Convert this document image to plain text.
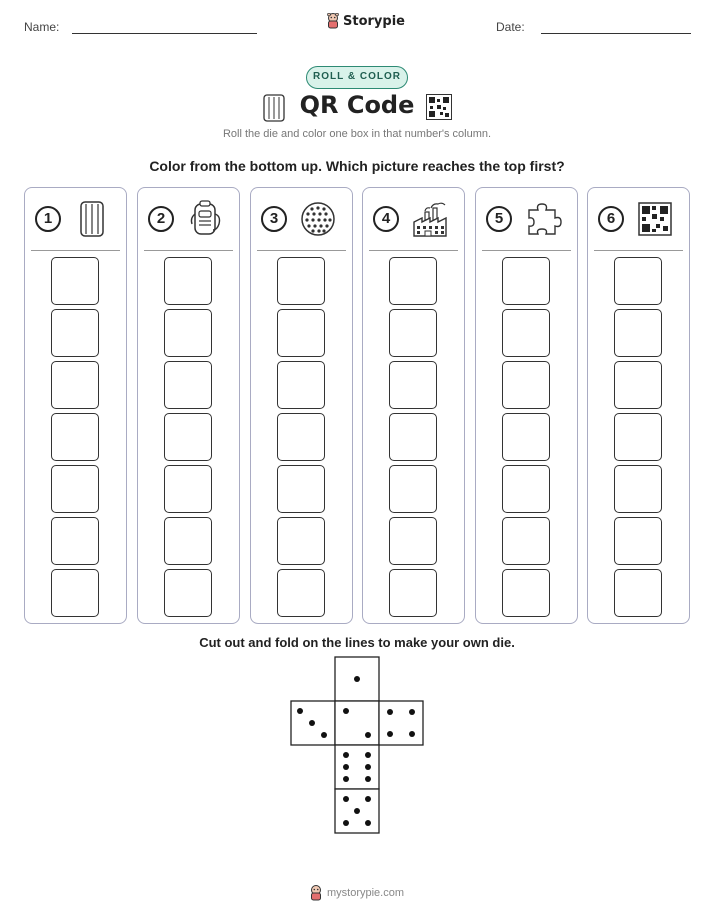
Name:	Storypie	Date:
ROLL & COLOR
QR Code
Roll the die and color one box in that number's column.
Color from the bottom up. Which picture reaches the top first?
1	2	3	4	5	6
Cut out and fold on the lines to make your own die.
mystorypie.com
